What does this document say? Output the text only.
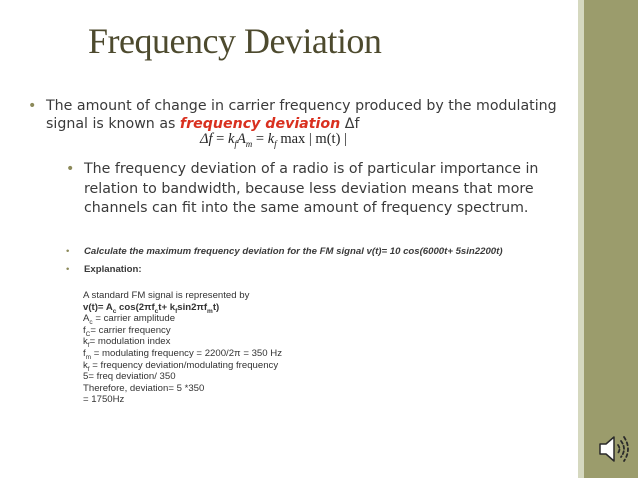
Frequency Deviation
• The amount of change in carrier frequency produced by the modulating signal is known as frequency deviation Δf
$\Delta f = k_fA_m = k_f$ max | m(t) |
• The frequency deviation of a radio is of particular importance in relation to bandwidth, because less deviation means that more channels can fit into the same amount of frequency spectrum.
• Calculate the maximum frequency deviation for the FM signal v(t)= 10 cos(6000t+ 5sin2200t)
• Explanation:
A standard FM signal is represented by
$v(t)= A_c$ $\cos(2\pi f_ct+ k_f\sin 2\pi f_mt)$
$A_c$ = carrier amplitude
$f_C=$ carrier frequency
$k_f=$ modulation index
$f_m$ = modulating frequency = 2200/2π = 350 Hz
$k_f$ = frequency deviation/modulating frequency
5= freq deviation/ 350
Therefore, deviation= 5 *350
= 1750Hz
